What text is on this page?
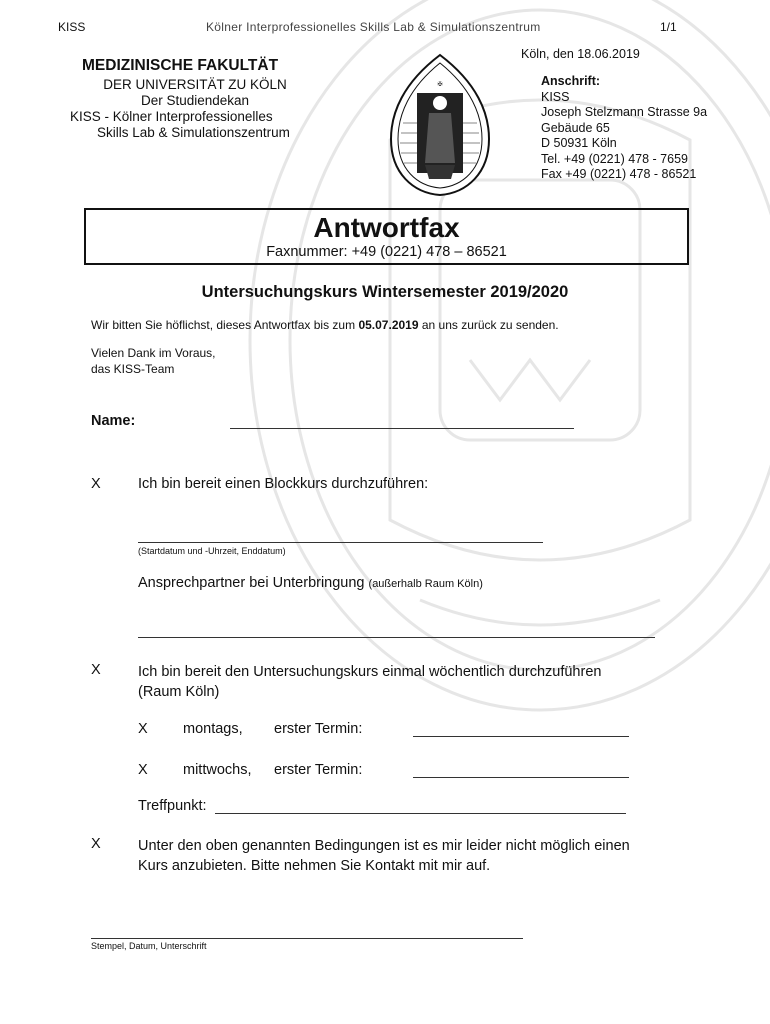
KISS	Kölner Interprofessionelles Skills Lab & Simulationszentrum	1/1
MEDIZINISCHE FAKULTÄT
DER UNIVERSITÄT ZU KÖLN
Der Studiendekan
KISS - Kölner Interprofessionelles
Skills Lab & Simulationszentrum
✠
Köln, den 18.06.2019
Anschrift:
KISS
Joseph Stelzmann Strasse 9a
Gebäude 65
D 50931 Köln
Tel. +49 (0221) 478 - 7659
Fax +49 (0221) 478 - 86521
Antwortfax
Faxnummer: +49 (0221) 478 – 86521
Untersuchungskurs Wintersemester 2019/2020
Wir bitten Sie höflichst, dieses Antwortfax bis zum 05.07.2019 an uns zurück zu senden.
Vielen Dank im Voraus,
das KISS-Team
Name:
X	Ich bin bereit einen Blockkurs durchzuführen:
(Startdatum und -Uhrzeit, Enddatum)
Ansprechpartner bei Unterbringung (außerhalb Raum Köln)
X	Ich bin bereit den Untersuchungskurs einmal wöchentlich durchzuführen
(Raum Köln)
X montags, erster Termin:
X mittwochs, erster Termin:
Treffpunkt:
X	Unter den oben genannten Bedingungen ist es mir leider nicht möglich einen
Kurs anzubieten. Bitte nehmen Sie Kontakt mit mir auf.
Stempel, Datum, Unterschrift
